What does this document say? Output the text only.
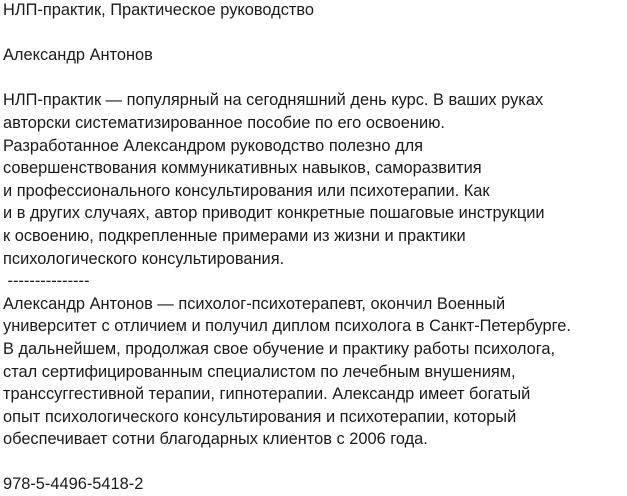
НЛП-практик, Практическое руководство
Александр Антонов
НЛП-практик — популярный на сегодняшний день курс. В ваших руках
авторски систематизированное пособие по его освоению.
Разработанное Александром руководство полезно для
совершенствования коммуникативных навыков, саморазвития
и профессионального консультирования или психотерапии. Как
и в других случаях, автор приводит конкретные пошаговые инструкции
к освоению, подкрепленные примерами из жизни и практики
психологического консультирования.
---------------
Александр Антонов — психолог-психотерапевт, окончил Военный
университет с отличием и получил диплом психолога в Санкт-Петербурге.
В дальнейшем, продолжая свое обучение и практику работы психолога,
стал сертифицированным специалистом по лечебным внушениям,
транссуггестивной терапии, гипнотерапии. Александр имеет богатый
опыт психологического консультирования и психотерапии, который
обеспечивает сотни благодарных клиентов с 2006 года.
978-5-4496-5418-2
